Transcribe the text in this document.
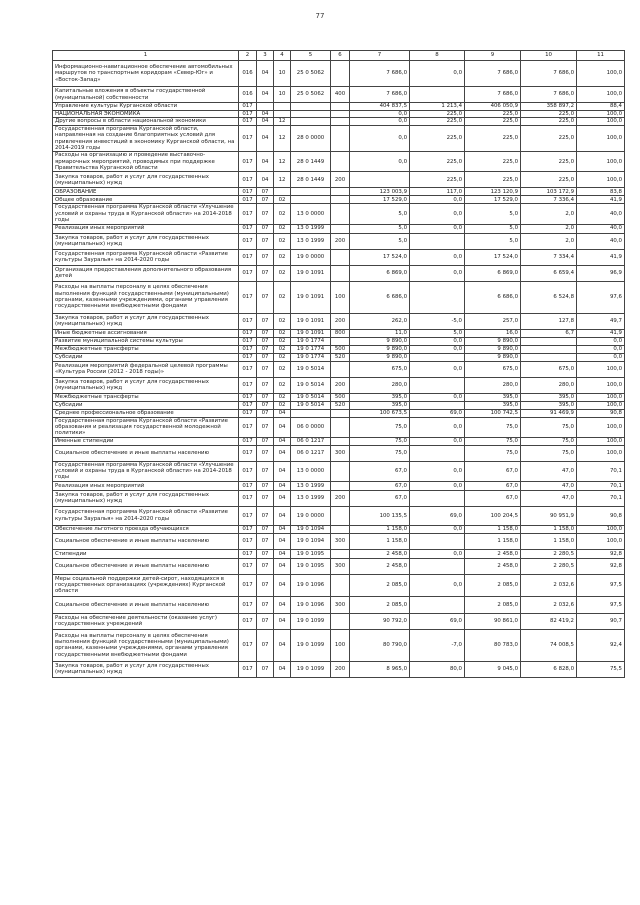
77
1	2	3	4	5	6	7	8	9	10	11
Информационно-навигационное обеспечение автомобильных маршрутов по транспортным коридорам «Север-Юг» и «Восток-Запад»	016	04	10	25 0 5062		7 686,0	0,0	7 686,0	7 686,0	100,0
Капитальные вложения в объекты государственной (муниципальной) собственности	016	04	10	25 0 5062	400	7 686,0		7 686,0	7 686,0	100,0
Управление культуры Курганской области	017					404 837,5	1 213,4	406 050,9	358 897,2	88,4
НАЦИОНАЛЬНАЯ ЭКОНОМИКА	017	04				0,0	225,0	225,0	225,0	100,0
Другие вопросы в области национальной экономики	017	04	12			0,0	225,0	225,0	225,0	100,0
Государственная программа Курганской области, направленная на создание благоприятных условий для привлечения инвестиций в экономику Курганской области, на 2014-2019 годы	017	04	12	28 0 0000		0,0	225,0	225,0	225,0	100,0
Расходы на организацию и проведение выставочно-ярмарочных мероприятий, проводимых при поддержке Правительства Курганской области	017	04	12	28 0 1449		0,0	225,0	225,0	225,0	100,0
Закупка товаров, работ и услуг для государственных (муниципальных) нужд	017	04	12	28 0 1449	200		225,0	225,0	225,0	100,0
ОБРАЗОВАНИЕ	017	07				123 003,9	117,0	123 120,9	103 172,9	83,8
Общее образование	017	07	02			17 529,0	0,0	17 529,0	7 336,4	41,9
Государственная программа Курганской области «Улучшение условий и охраны труда в Курганской области» на 2014-2018 годы	017	07	02	13 0 0000		5,0	0,0	5,0	2,0	40,0
Реализация иных мероприятий	017	07	02	13 0 1999		5,0	0,0	5,0	2,0	40,0
Закупка товаров, работ и услуг для государственных (муниципальных) нужд	017	07	02	13 0 1999	200	5,0		5,0	2,0	40,0
Государственная программа Курганской области «Развитие культуры Зауралья» на 2014-2020 годы	017	07	02	19 0 0000		17 524,0	0,0	17 524,0	7 334,4	41,9
Организация предоставления дополнительного образования детей	017	07	02	19 0 1091		6 869,0	0,0	6 869,0	6 659,4	96,9
Расходы на выплаты персоналу в целях обеспечения выполнения функций государственными (муниципальными) органами, казенными учреждениями, органами управления государственными внебюджетными фондами	017	07	02	19 0 1091	100	6 686,0		6 686,0	6 524,8	97,6
Закупка товаров, работ и услуг для государственных (муниципальных) нужд	017	07	02	19 0 1091	200	262,0	-5,0	257,0	127,8	49,7
Иные бюджетные ассигнования	017	07	02	19 0 1091	800	11,0	5,0	16,0	6,7	41,9
Развитие муниципальной системы культуры	017	07	02	19 0 1774		9 890,0	0,0	9 890,0		0,0
Межбюджетные трансферты	017	07	02	19 0 1774	500	9 890,0	0,0	9 890,0		0,0
Субсидии	017	07	02	19 0 1774	520	9 890,0		9 890,0		0,0
Реализация мероприятий федеральной целевой программы «Культура России (2012 - 2018 годы)»	017	07	02	19 0 5014		675,0	0,0	675,0	675,0	100,0
Закупка товаров, работ и услуг для государственных (муниципальных) нужд	017	07	02	19 0 5014	200	280,0		280,0	280,0	100,0
Межбюджетные трансферты	017	07	02	19 0 5014	500	395,0	0,0	395,0	395,0	100,0
Субсидии	017	07	02	19 0 5014	520	395,0		395,0	395,0	100,0
Среднее профессиональное образование	017	07	04			100 673,5	69,0	100 742,5	91 469,9	90,8
Государственная программа Курганской области «Развитие образования и реализация государственной молодежной политики»	017	07	04	06 0 0000		75,0	0,0	75,0	75,0	100,0
Именные стипендии	017	07	04	06 0 1217		75,0	0,0	75,0	75,0	100,0
Социальное обеспечение и иные выплаты населению	017	07	04	06 0 1217	300	75,0		75,0	75,0	100,0
Государственная программа Курганской области «Улучшение условий и охраны труда в Курганской области» на 2014-2018 годы	017	07	04	13 0 0000		67,0	0,0	67,0	47,0	70,1
Реализация иных мероприятий	017	07	04	13 0 1999		67,0	0,0	67,0	47,0	70,1
Закупка товаров, работ и услуг для государственных (муниципальных) нужд	017	07	04	13 0 1999	200	67,0		67,0	47,0	70,1
Государственная программа Курганской области «Развитие культуры Зауралья» на 2014-2020 годы	017	07	04	19 0 0000		100 135,5	69,0	100 204,5	90 951,9	90,8
Обеспечение льготного проезда обучающихся	017	07	04	19 0 1094		1 158,0	0,0	1 158,0	1 158,0	100,0
Социальное обеспечение и иные выплаты населению	017	07	04	19 0 1094	300	1 158,0		1 158,0	1 158,0	100,0
Стипендии	017	07	04	19 0 1095		2 458,0	0,0	2 458,0	2 280,5	92,8
Социальное обеспечение и иные выплаты населению	017	07	04	19 0 1095	300	2 458,0		2 458,0	2 280,5	92,8
Меры социальной поддержки детей-сирот, находящихся в государственных организациях (учреждениях) Курганской области	017	07	04	19 0 1096		2 085,0	0,0	2 085,0	2 032,6	97,5
Социальное обеспечение и иные выплаты населению	017	07	04	19 0 1096	300	2 085,0		2 085,0	2 032,6	97,5
Расходы на обеспечение деятельности (оказание услуг) государственных учреждений	017	07	04	19 0 1099		90 792,0	69,0	90 861,0	82 419,2	90,7
Расходы на выплаты персоналу в целях обеспечения выполнения функций государственными (муниципальными) органами, казенными учреждениями, органами управления государственными внебюджетными фондами	017	07	04	19 0 1099	100	80 790,0	-7,0	80 783,0	74 008,5	92,4
Закупка товаров, работ и услуг для государственных (муниципальных) нужд	017	07	04	19 0 1099	200	8 965,0	80,0	9 045,0	6 828,0	75,5
